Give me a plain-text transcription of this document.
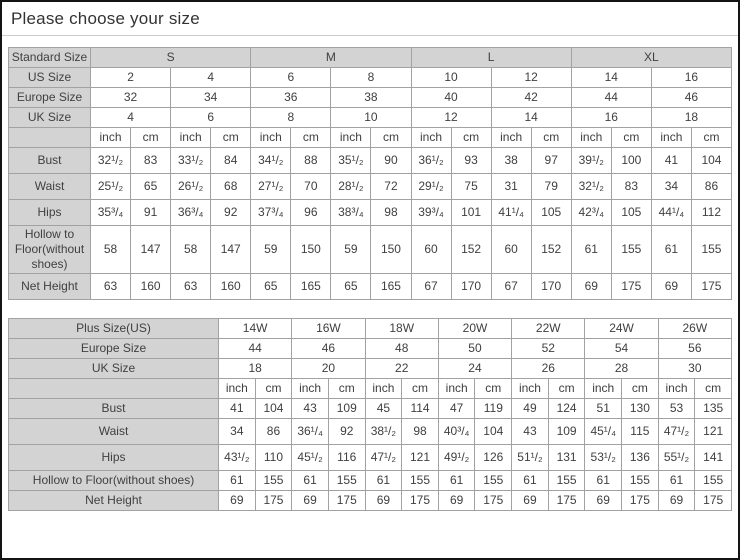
Please choose your size
Standard Size	S				M				L				XL			
US Size	2		4		6		8		10		12		14		16	
Europe Size	32		34		36		38		40		42		44		46	
UK Size	4		6		8		10		12		14		16		18	
	inch	cm	inch	cm	inch	cm	inch	cm	inch	cm	inch	cm	inch	cm	inch	cm
Bust	32¹/₂	83	33¹/₂	84	34¹/₂	88	35¹/₂	90	36¹/₂	93	38	97	39¹/₂	100	41	104
Waist	25¹/₂	65	26¹/₂	68	27¹/₂	70	28¹/₂	72	29¹/₂	75	31	79	32¹/₂	83	34	86
Hips	35³/₄	91	36³/₄	92	37³/₄	96	38³/₄	98	39³/₄	101	41¹/₄	105	42³/₄	105	44¹/₄	112
Hollow to Floor(without shoes)	58	147	58	147	59	150	59	150	60	152	60	152	61	155	61	155
Net Height	63	160	63	160	65	165	65	165	67	170	67	170	69	175	69	175
Plus Size(US)	14W		16W		18W		20W		22W		24W		26W	
Europe Size	44		46		48		50		52		54		56	
UK Size	18		20		22		24		26		28		30	
	inch	cm	inch	cm	inch	cm	inch	cm	inch	cm	inch	cm	inch	cm
Bust	41	104	43	109	45	114	47	119	49	124	51	130	53	135
Waist	34	86	36¹/₄	92	38¹/₂	98	40³/₄	104	43	109	45¹/₄	115	47¹/₂	121
Hips	43¹/₂	110	45¹/₂	116	47¹/₂	121	49¹/₂	126	51¹/₂	131	53¹/₂	136	55¹/₂	141
Hollow to Floor(without shoes)	61	155	61	155	61	155	61	155	61	155	61	155	61	155
Net Height	69	175	69	175	69	175	69	175	69	175	69	175	69	175
